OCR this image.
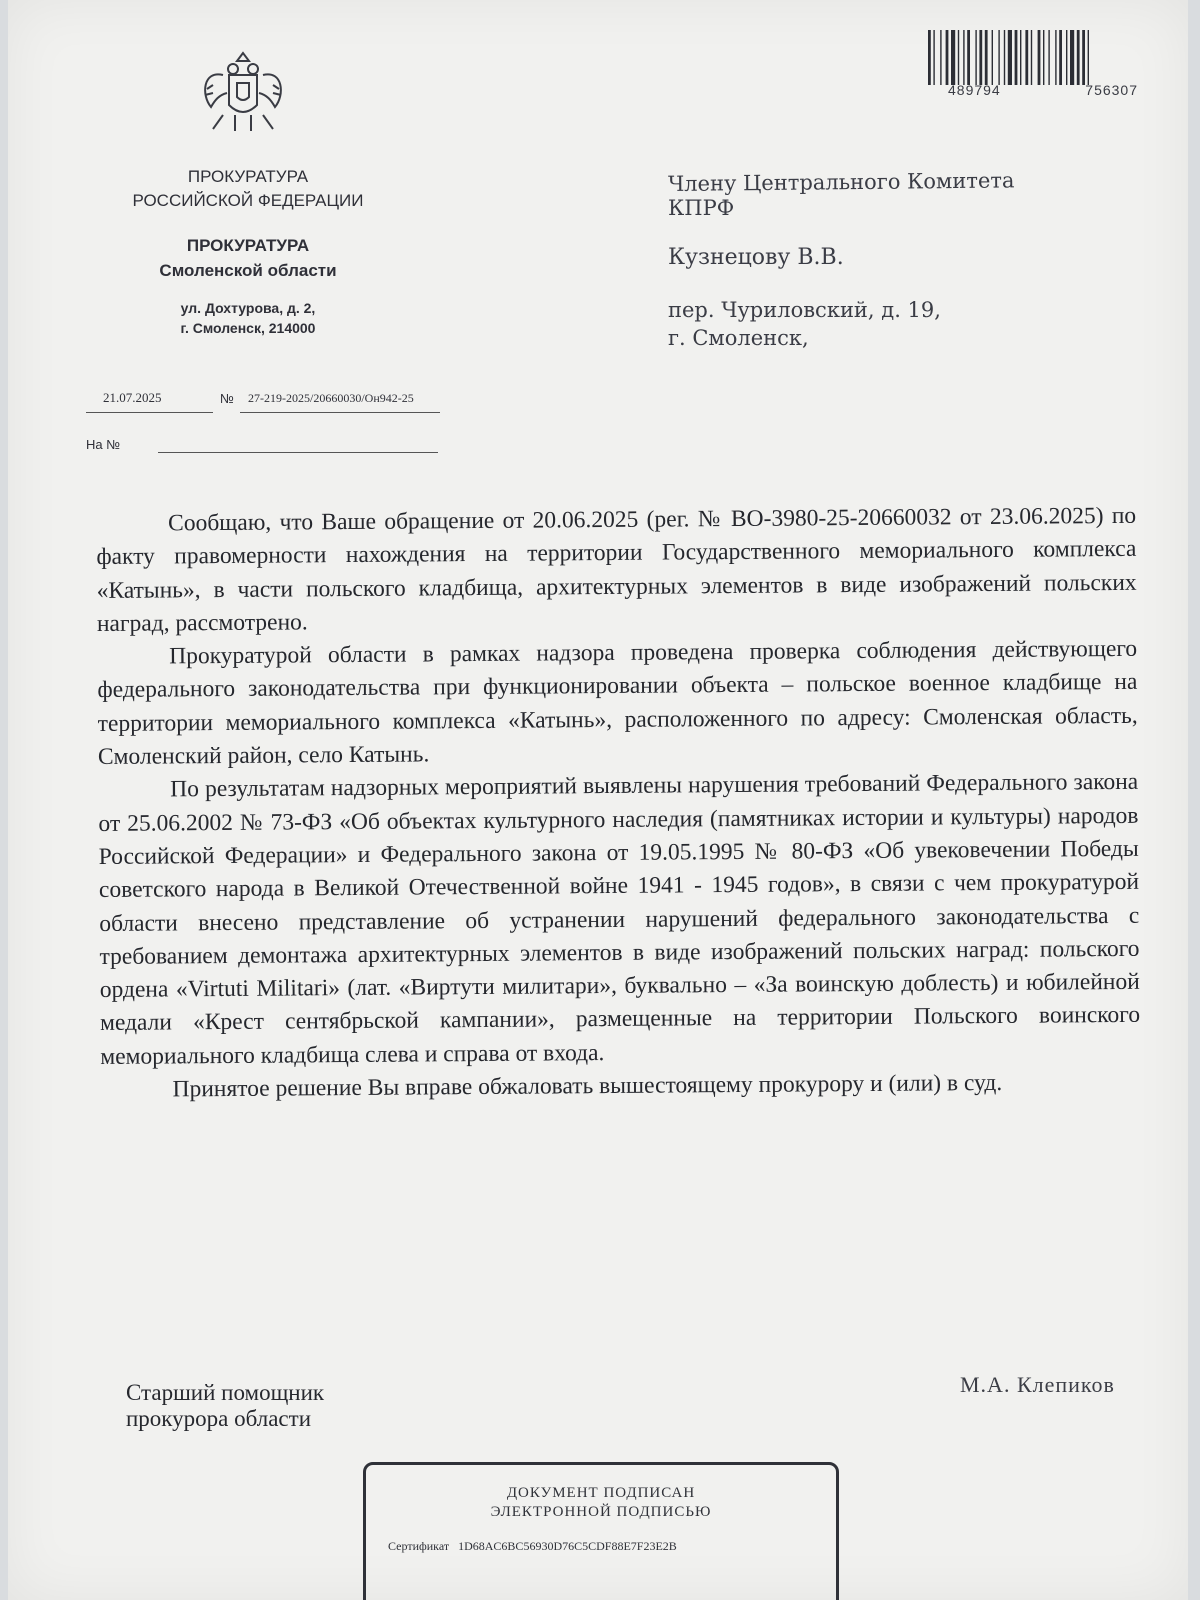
489794	756307
ПРОКУРАТУРА
РОССИЙСКОЙ ФЕДЕРАЦИИ
ПРОКУРАТУРА
Смоленской области
ул. Дохтурова, д. 2,
г. Смоленск, 214000
21.07.2025	№ 27-219-2025/20660030/Он942-25
На №
Члену Центрального Комитета
КПРФ
Кузнецову В.В.
пер. Чуриловский, д. 19,
г. Смоленск,

Сообщаю, что Ваше обращение от 20.06.2025 (рег. № ВО-3980-25-20660032 от 23.06.2025) по факту правомерности нахождения на территории Государственного мемориального комплекса «Катынь», в части польского кладбища, архитектурных элементов в виде изображений польских наград, рассмотрено.

Прокуратурой области в рамках надзора проведена проверка соблюдения действующего федерального законодательства при функционировании объекта – польское военное кладбище на территории мемориального комплекса «Катынь», расположенного по адресу: Смоленская область, Смоленский район, село Катынь.

По результатам надзорных мероприятий выявлены нарушения требований Федерального закона от 25.06.2002 № 73-ФЗ «Об объектах культурного наследия (памятниках истории и культуры) народов Российской Федерации» и Федерального закона от 19.05.1995 № 80-ФЗ «Об увековечении Победы советского народа в Великой Отечественной войне 1941 - 1945 годов», в связи с чем прокуратурой области внесено представление об устранении нарушений федерального законодательства с требованием демонтажа архитектурных элементов в виде изображений польских наград: польского ордена «Virtuti Militari» (лат. «Виртути милитари», буквально – «За воинскую доблесть) и юбилейной медали «Крест сентябрьской кампании», размещенные на территории Польского воинского мемориального кладбища слева и справа от входа.

Принятое решение Вы вправе обжаловать вышестоящему прокурору и (или) в суд.

Старший помощник
прокурора области
М.А. Клепиков
ДОКУМЕНТ ПОДПИСАН
ЭЛЕКТРОННОЙ ПОДПИСЬЮ
Сертификат 1D68AC6BC56930D76C5CDF88E7F23E2B
